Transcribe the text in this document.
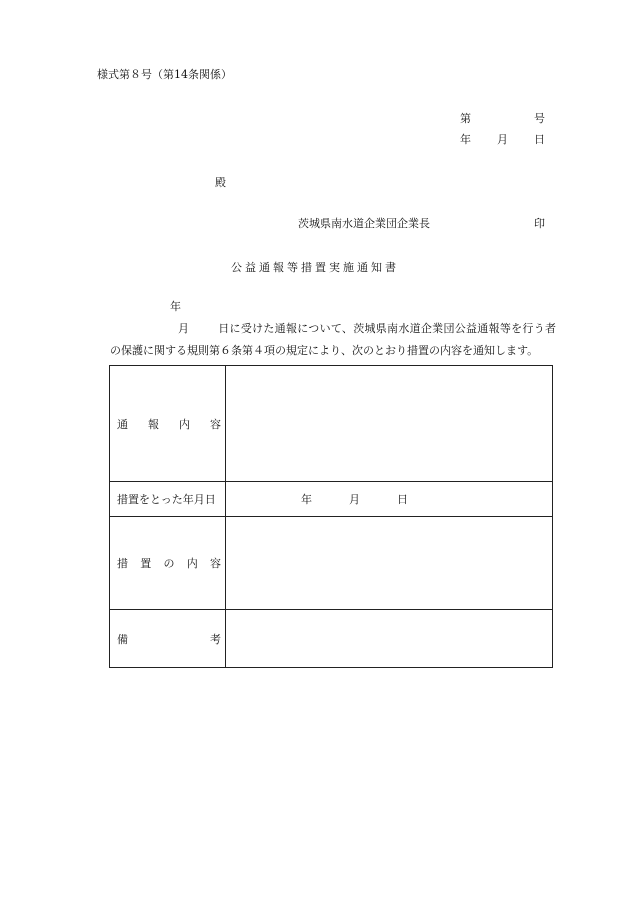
様式第８号（第14条関係）
第	号
年 月 日
殿
茨城県南水道企業団企業長	印
公益通報等措置実施通知書
年月	日に受けた通報について、茨城県南水道企業団公益通報等を行う者の保護に関する規則第６条第４項の規定により、次のとおり措置の内容を通知します。
通 報 内 容	

措置をとった年月日	年 月 日

措 置 の 内 容	

備 考	
